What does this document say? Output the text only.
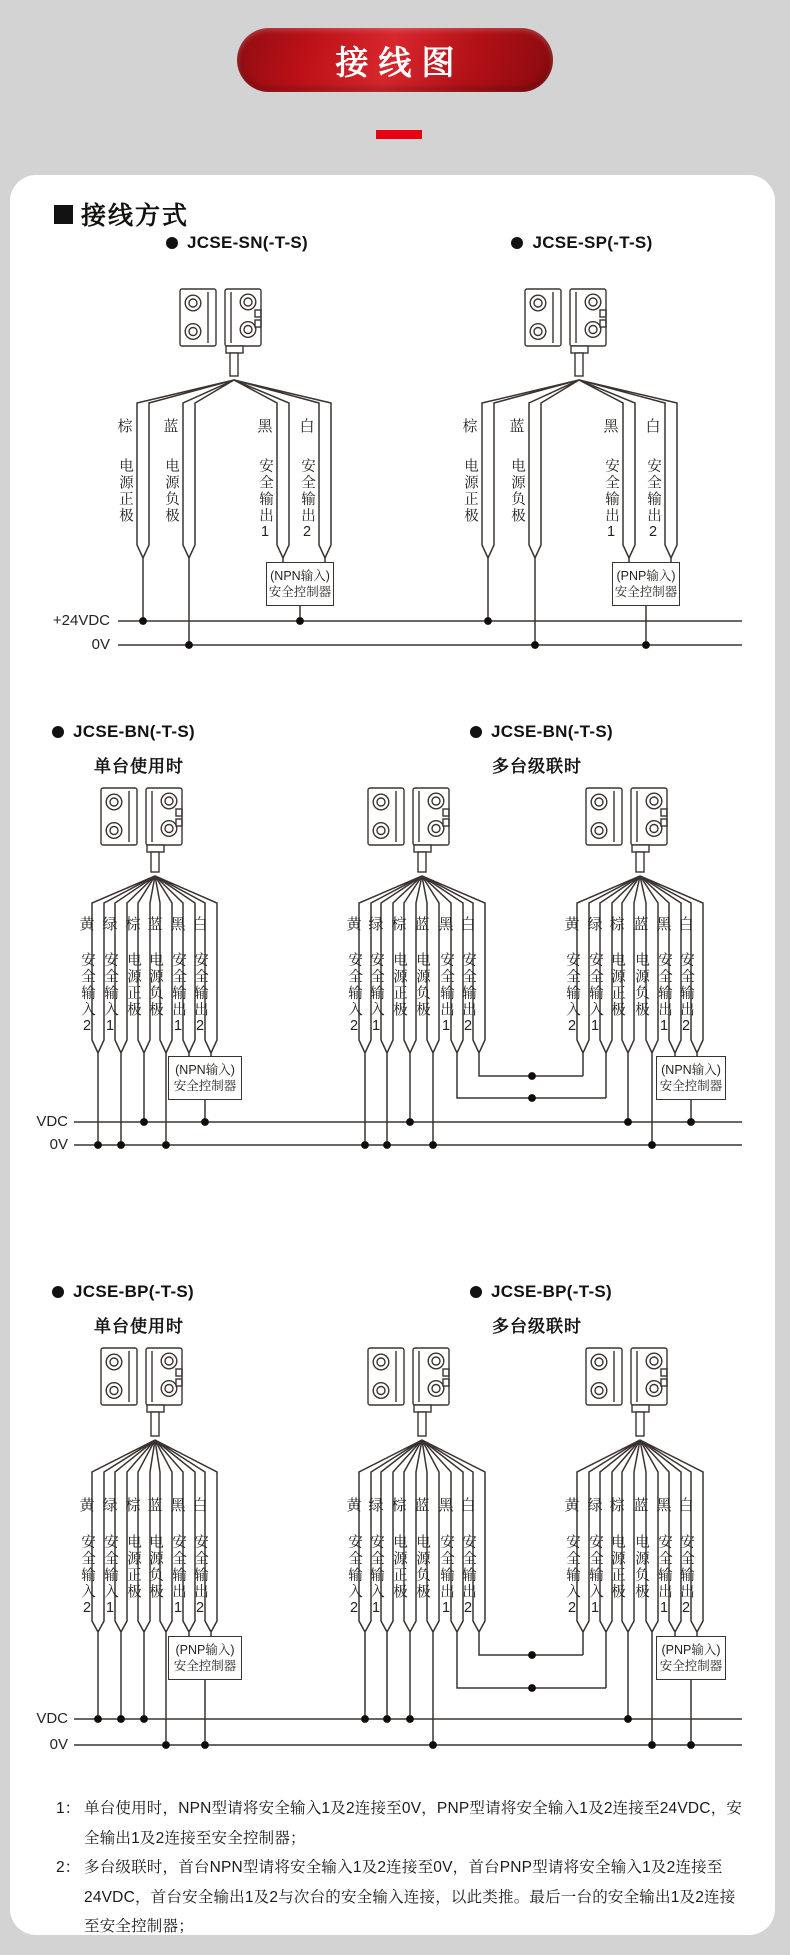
接线图
接线方式
JCSE-SN(-T-S)	JCSE-SP(-T-S)
JCSE-BN(-T-S)
单台使用时
JCSE-BN(-T-S)
多台级联时
JCSE-BP(-T-S)
单台使用时
JCSE-BP(-T-S)
多台级联时
棕
电源正极
蓝
电源负极
黑
安全输出1
白
安全输出2
棕
电源正极
蓝
电源负极
黑
安全输出1
白
安全输出2
黄
安全输入2
绿
安全输入1
棕
电源正极
蓝
电源负极
黑
安全输出1
白
安全输出2
黄
安全输入2
绿
安全输入1
棕
电源正极
蓝
电源负极
黑
安全输出1
白
安全输出2
黄
安全输入2
绿
安全输入1
棕
电源正极
蓝
电源负极
黑
安全输出1
白
安全输出2
黄
安全输入2
绿
安全输入1
棕
电源正极
蓝
电源负极
黑
安全输出1
白
安全输出2
黄
安全输入2
绿
安全输入1
棕
电源正极
蓝
电源负极
黑
安全输出1
白
安全输出2
黄
安全输入2
绿
安全输入1
棕
电源正极
蓝
电源负极
黑
安全输出1
白
安全输出2
(NPN输入)
安全控制器
(PNP输入)
安全控制器
(NPN输入)
安全控制器
(NPN输入)
安全控制器
(PNP输入)
安全控制器
(PNP输入)
安全控制器
+24VDC
0V
VDC
0V
VDC
0V
1： 单台使用时，NPN型请将安全输入1及2连接至0V，PNP型请将安全输入1及2连接至24VDC，安全输出1及2连接至安全控制器；
2： 多台级联时，首台NPN型请将安全输入1及2连接至0V，首台PNP型请将安全输入1及2连接至24VDC，首台安全输出1及2与次台的安全输入连接，以此类推。最后一台的安全输出1及2连接至安全控制器；
